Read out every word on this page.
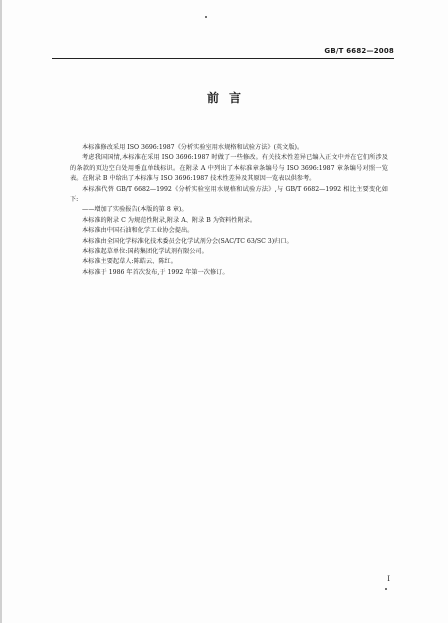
GB/T 6682—2008
前言

本标准修改采用 ISO 3696:1987《分析实验室用水规格和试验方法》(英文版)。

考虑我国国情,本标准在采用 ISO 3696:1987 时做了一些修改。有关技术性差异已编入正文中并在它们所涉及的条款的页边空白处用垂直单线标识。在附录 A 中列出了本标准章条编号与 ISO 3696:1987 章条编号对照一览表。在附录 B 中给出了本标准与 ISO 3696:1987 技术性差异及其原因一览表以供参考。

本标准代替 GB/T 6682—1992《分析实验室用水规格和试验方法》,与 GB/T 6682—1992 相比主要变化如下:

——增加了实验报告(本版的第 8 章)。

本标准的附录 C 为规范性附录,附录 A、附录 B 为资料性附录。

本标准由中国石油和化学工业协会提出。

本标准由全国化学标准化技术委员会化学试剂分会(SAC/TC 63/SC 3)归口。

本标准起草单位:国药集团化学试剂有限公司。

本标准主要起草人:陈皓云、陈红。

本标准于 1986 年首次发布,于 1992 年第一次修订。

I
